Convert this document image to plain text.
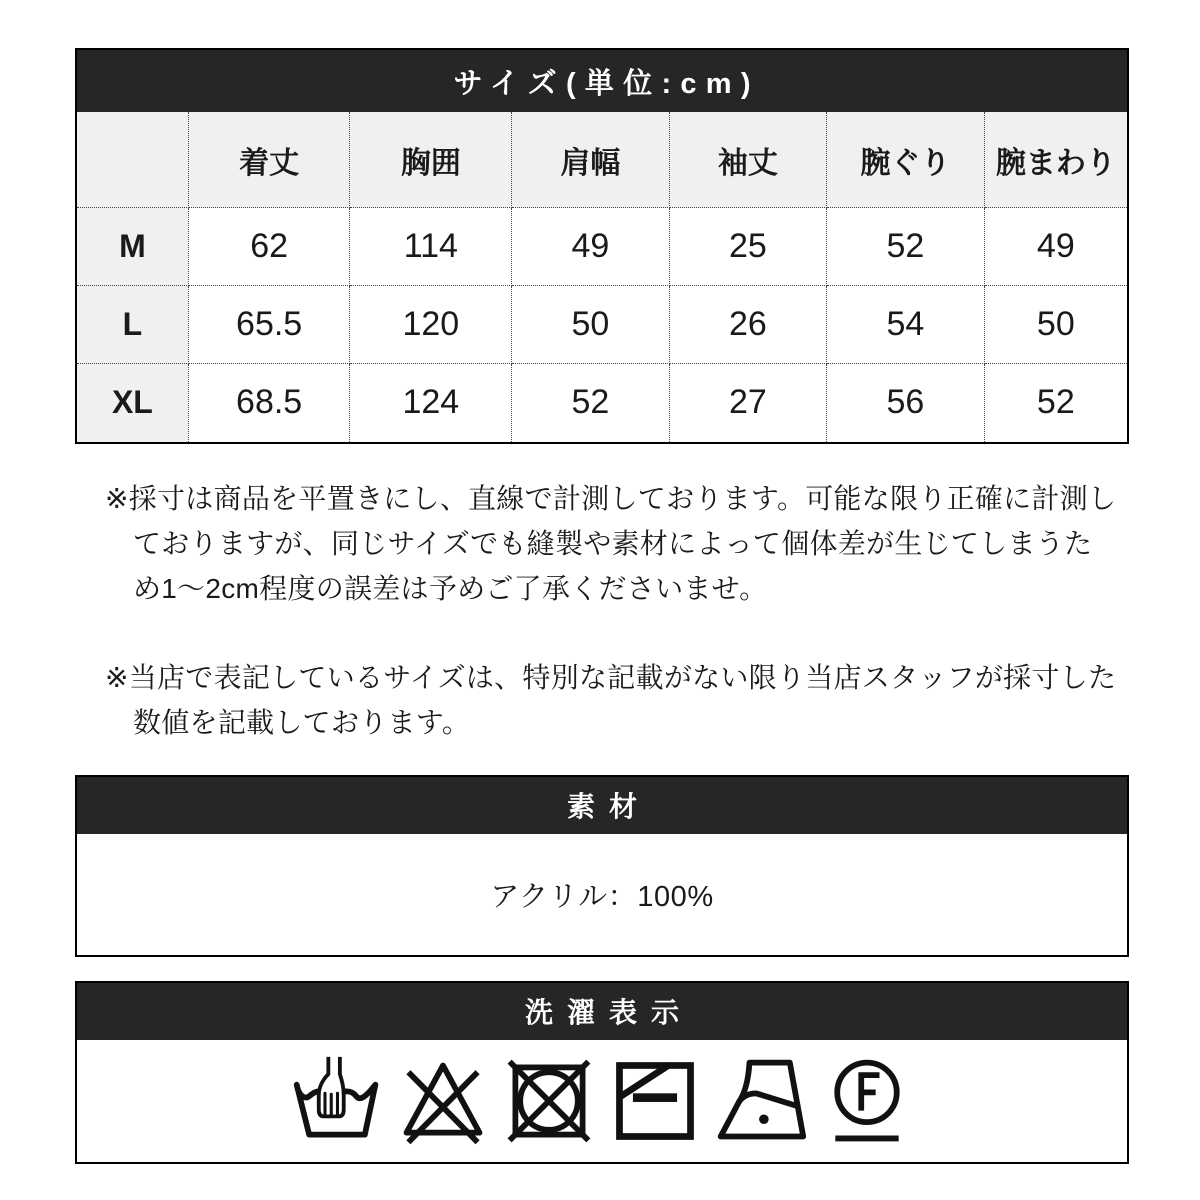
サイズ(単位:cm)
	着丈	胸囲	肩幅	袖丈	腕ぐり	腕まわり
M	62	114	49	25	52	49
L	65.5	120	50	26	54	50
XL	68.5	124	52	27	56	52

※採寸は商品を平置きにし、直線で計測しております。可能な限り正確に計測しておりますが、同じサイズでも縫製や素材によって個体差が生じてしまうため1〜2cm程度の誤差は予めご了承くださいませ。

※当店で表記しているサイズは、特別な記載がない限り当店スタッフが採寸した数値を記載しております。

素材
アクリル：100%
洗濯表示
